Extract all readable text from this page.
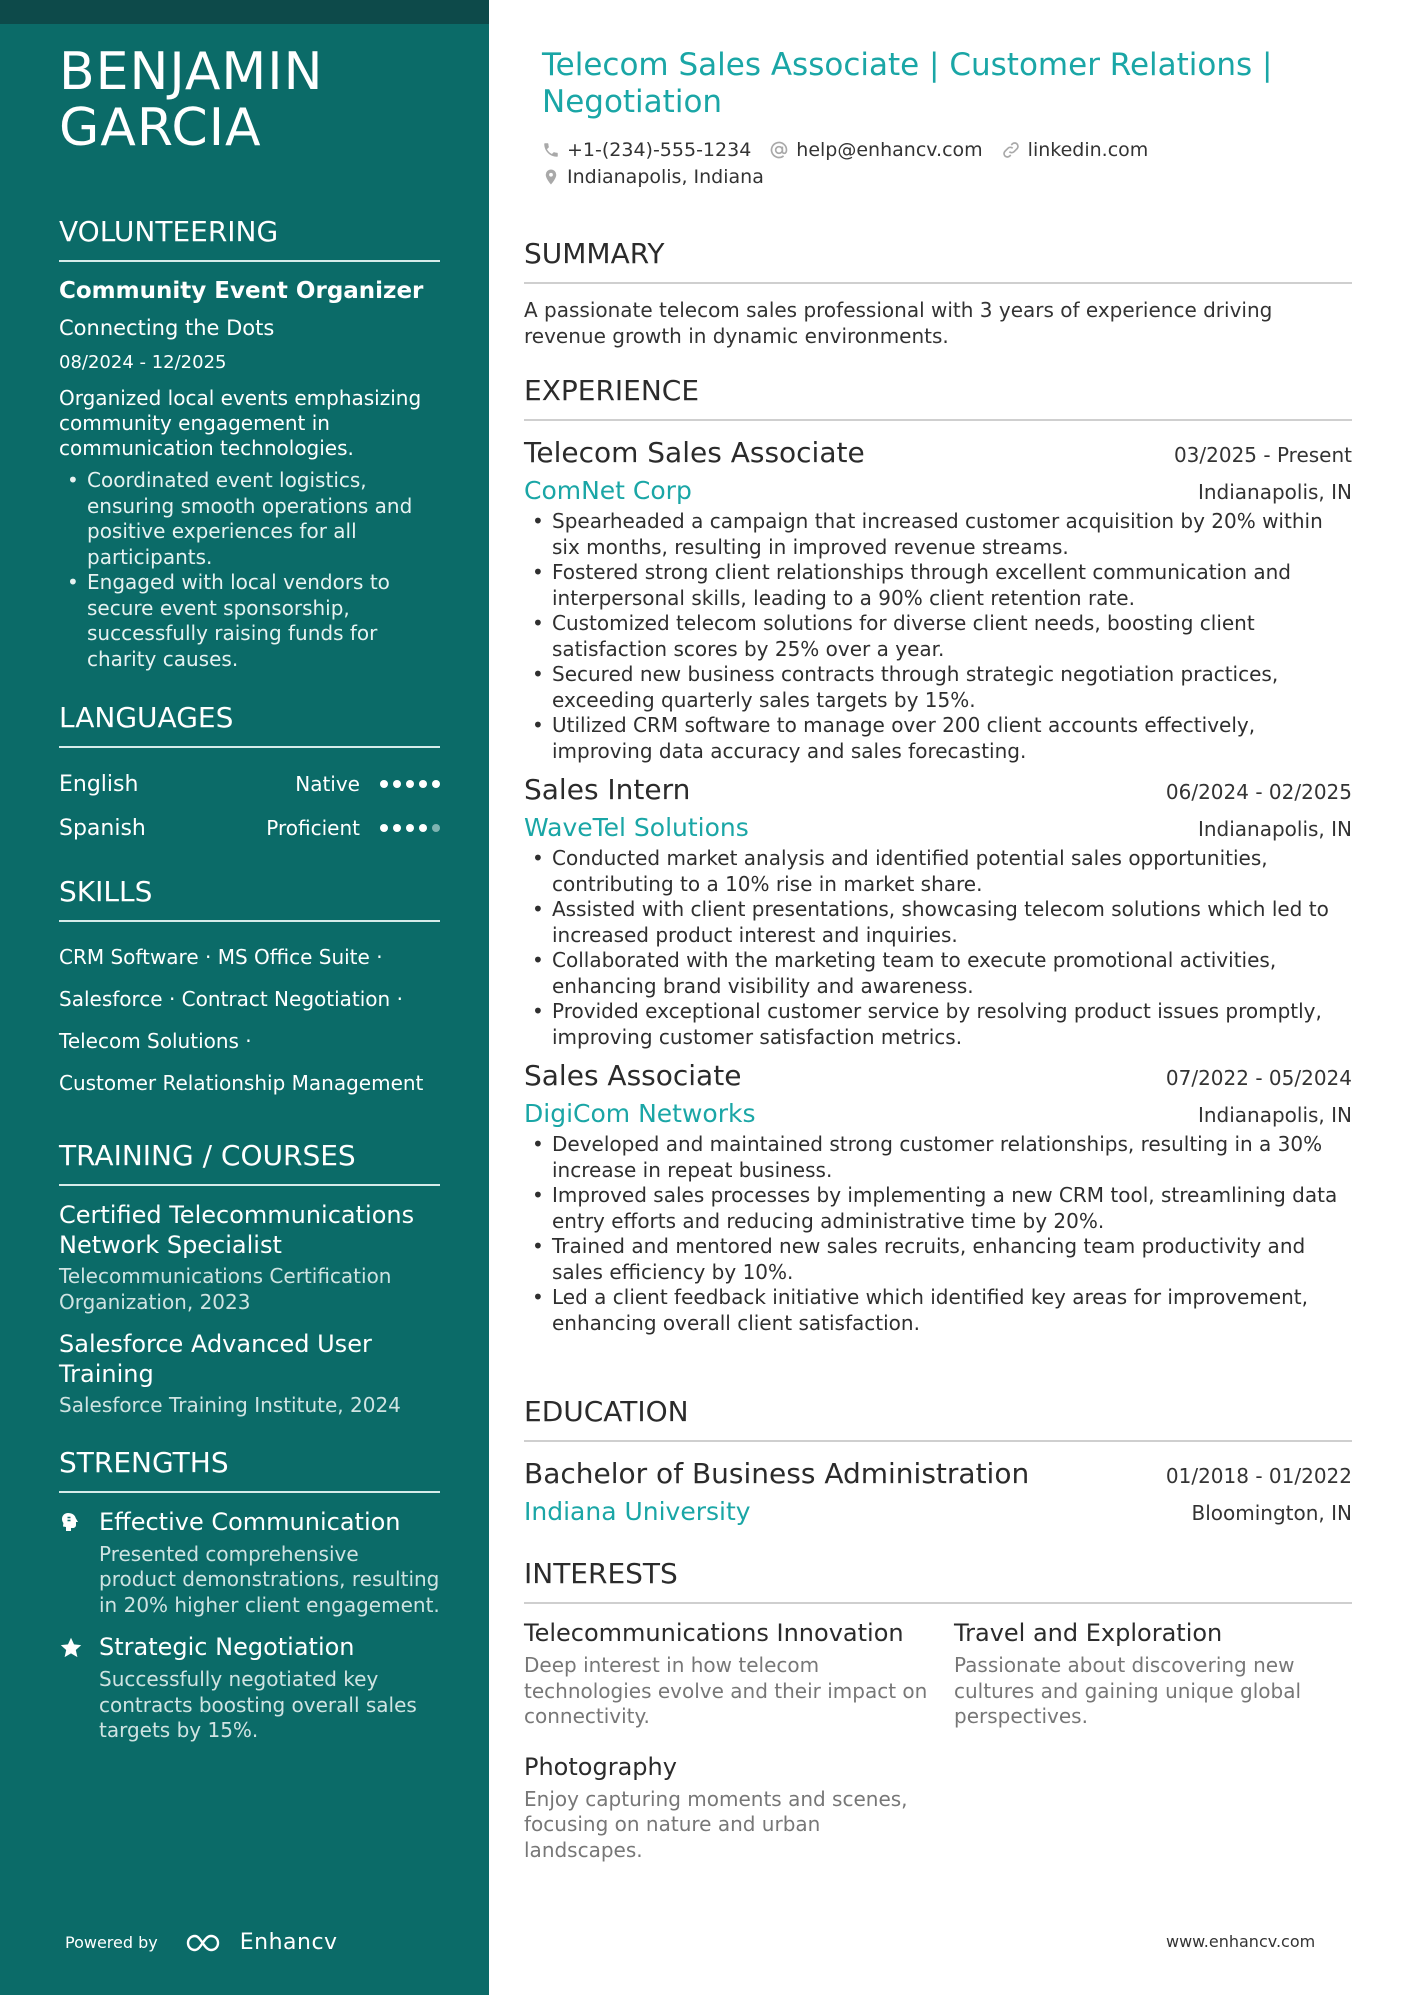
BENJAMIN
GARCIA
VOLUNTEERING
Community Event Organizer
Connecting the Dots
08/2024 - 12/2025
Organized local events emphasizing community engagement in communication technologies.
• Coordinated event logistics, ensuring smooth operations and positive experiences for all participants.
• Engaged with local vendors to secure event sponsorship, successfully raising funds for charity causes.
LANGUAGES
English	Native
Spanish	Proficient
SKILLS
CRM Software · MS Office Suite ·
Salesforce · Contract Negotiation ·
Telecom Solutions ·
Customer Relationship Management
TRAINING / COURSES
Certified Telecommunications Network Specialist
Telecommunications Certification Organization, 2023
Salesforce Advanced User Training
Salesforce Training Institute, 2024
STRENGTHS
Effective Communication
Presented comprehensive product demonstrations, resulting in 20% higher client engagement.
Strategic Negotiation
Successfully negotiated key contracts boosting overall sales targets by 15%.
Powered by	Enhancv
Telecom Sales Associate | Customer Relations |
Negotiation
+1-(234)-555-1234 help@enhancv.com linkedin.com
Indianapolis, Indiana
SUMMARY
A passionate telecom sales professional with 3 years of experience driving revenue growth in dynamic environments.
EXPERIENCE
Telecom Sales Associate	03/2025 - Present
ComNet Corp	Indianapolis, IN
• Spearheaded a campaign that increased customer acquisition by 20% within six months, resulting in improved revenue streams.
• Fostered strong client relationships through excellent communication and interpersonal skills, leading to a 90% client retention rate.
• Customized telecom solutions for diverse client needs, boosting client satisfaction scores by 25% over a year.
• Secured new business contracts through strategic negotiation practices, exceeding quarterly sales targets by 15%.
• Utilized CRM software to manage over 200 client accounts effectively, improving data accuracy and sales forecasting.
Sales Intern	06/2024 - 02/2025
WaveTel Solutions	Indianapolis, IN
• Conducted market analysis and identified potential sales opportunities, contributing to a 10% rise in market share.
• Assisted with client presentations, showcasing telecom solutions which led to increased product interest and inquiries.
• Collaborated with the marketing team to execute promotional activities, enhancing brand visibility and awareness.
• Provided exceptional customer service by resolving product issues promptly, improving customer satisfaction metrics.
Sales Associate	07/2022 - 05/2024
DigiCom Networks	Indianapolis, IN
• Developed and maintained strong customer relationships, resulting in a 30% increase in repeat business.
• Improved sales processes by implementing a new CRM tool, streamlining data entry efforts and reducing administrative time by 20%.
• Trained and mentored new sales recruits, enhancing team productivity and sales efficiency by 10%.
• Led a client feedback initiative which identified key areas for improvement, enhancing overall client satisfaction.
EDUCATION
Bachelor of Business Administration	01/2018 - 01/2022
Indiana University	Bloomington, IN
INTERESTS
Telecommunications Innovation
Deep interest in how telecom technologies evolve and their impact on connectivity.
Travel and Exploration
Passionate about discovering new cultures and gaining unique global perspectives.
Photography
Enjoy capturing moments and scenes, focusing on nature and urban landscapes.
www.enhancv.com
